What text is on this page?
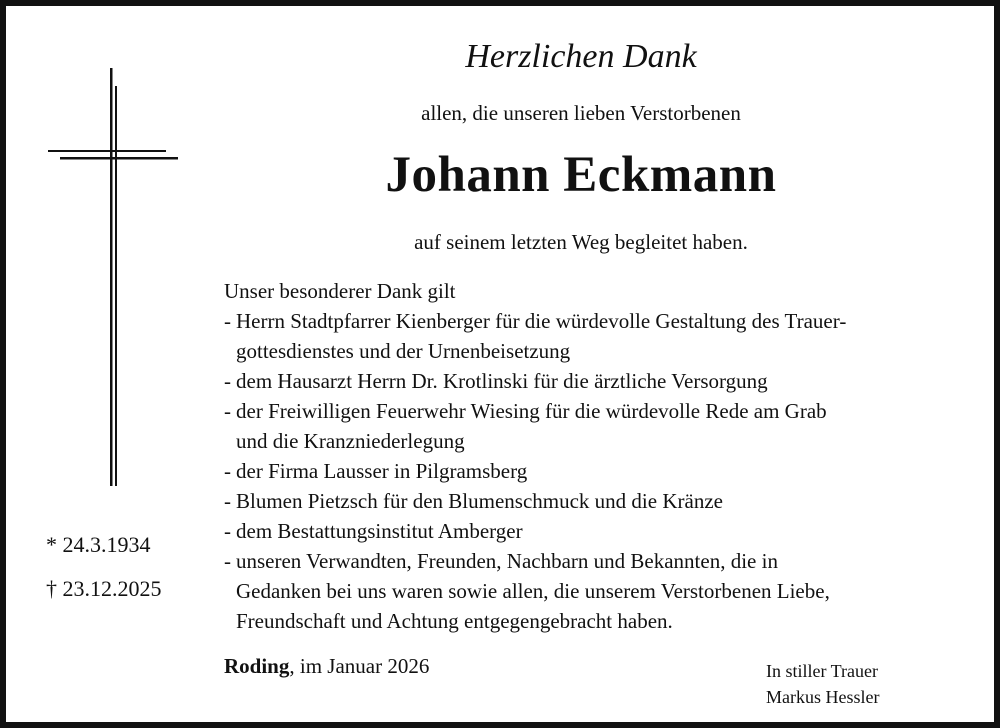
Herzlichen Dank
allen, die unseren lieben Verstorbenen
Johann Eckmann
auf seinem letzten Weg begleitet haben.

Unser besonderer Dank gilt

- Herrn Stadtpfarrer Kienberger für die würdevolle Gestaltung des Trauer-
gottesdienstes und der Urnenbeisetzung
- dem Hausarzt Herrn Dr. Krotlinski für die ärztliche Versorgung
- der Freiwilligen Feuerwehr Wiesing für die würdevolle Rede am Grab
und die Kranzniederlegung
- der Firma Lausser in Pilgramsberg
- Blumen Pietzsch für den Blumenschmuck und die Kränze
- dem Bestattungsinstitut Amberger
- unseren Verwandten, Freunden, Nachbarn und Bekannten, die in
Gedanken bei uns waren sowie allen, die unserem Verstorbenen Liebe,
Freundschaft und Achtung entgegengebracht haben.
* 24.3.1934
† 23.12.2025
Roding, im Januar 2026	In stiller Trauer
Markus Hessler
